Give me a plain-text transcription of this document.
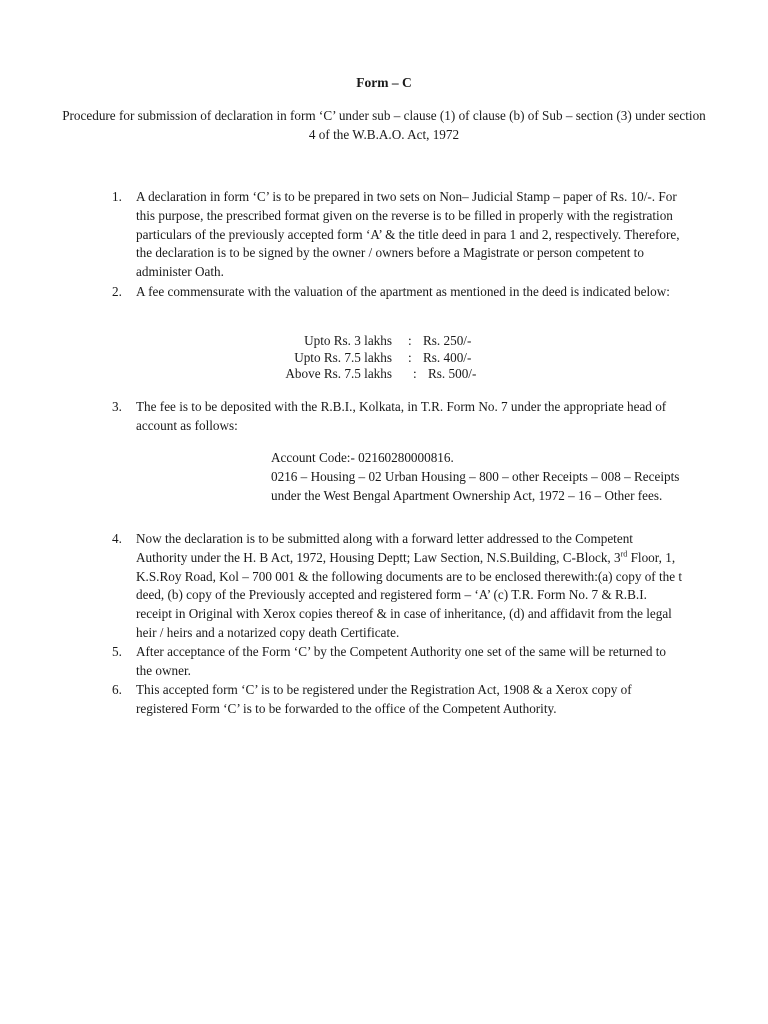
Form – C
Procedure for submission of declaration in form ‘C’ under sub – clause (1) of clause (b) of Sub – section (3) under section 4 of the W.B.A.O. Act, 1972
1.	A declaration in form ‘C’ is to be prepared in two sets on Non– Judicial Stamp – paper of Rs. 10/-. For this purpose, the prescribed format given on the reverse is to be filled in properly with the registration particulars of the previously accepted form ‘A’ & the title deed in para 1 and 2, respectively. Therefore, the declaration is to be signed by the owner / owners before a Magistrate or person competent to administer Oath.
2.	A fee commensurate with the valuation of the apartment as mentioned in the deed is indicated below:
Upto Rs. 3 lakhs : Rs. 250/-
Upto Rs. 7.5 lakhs : Rs. 400/-
Above Rs. 7.5 lakhs : Rs. 500/-
3.	The fee is to be deposited with the R.B.I., Kolkata, in T.R. Form No. 7 under the appropriate head of account as follows:
Account Code:- 02160280000816.
0216 – Housing – 02 Urban Housing – 800 – other Receipts – 008 – Receipts under the West Bengal Apartment Ownership Act, 1972 – 16 – Other fees.
4.	Now the declaration is to be submitted along with a forward letter addressed to the Competent Authority under the H. B Act, 1972, Housing Deptt; Law Section, N.S.Building, C-Block, 3rd Floor, 1, K.S.Roy Road, Kol – 700 001 & the following documents are to be enclosed therewith:(a) copy of the t deed, (b) copy of the Previously accepted and registered form – ‘A’ (c) T.R. Form No. 7 & R.B.I. receipt in Original with Xerox copies thereof & in case of inheritance, (d) and affidavit from the legal heir / heirs and a notarized copy death Certificate.
5.	After acceptance of the Form ‘C’ by the Competent Authority one set of the same will be returned to the owner.
6.	This accepted form ‘C’ is to be registered under the Registration Act, 1908 & a Xerox copy of registered Form ‘C’ is to be forwarded to the office of the Competent Authority.
